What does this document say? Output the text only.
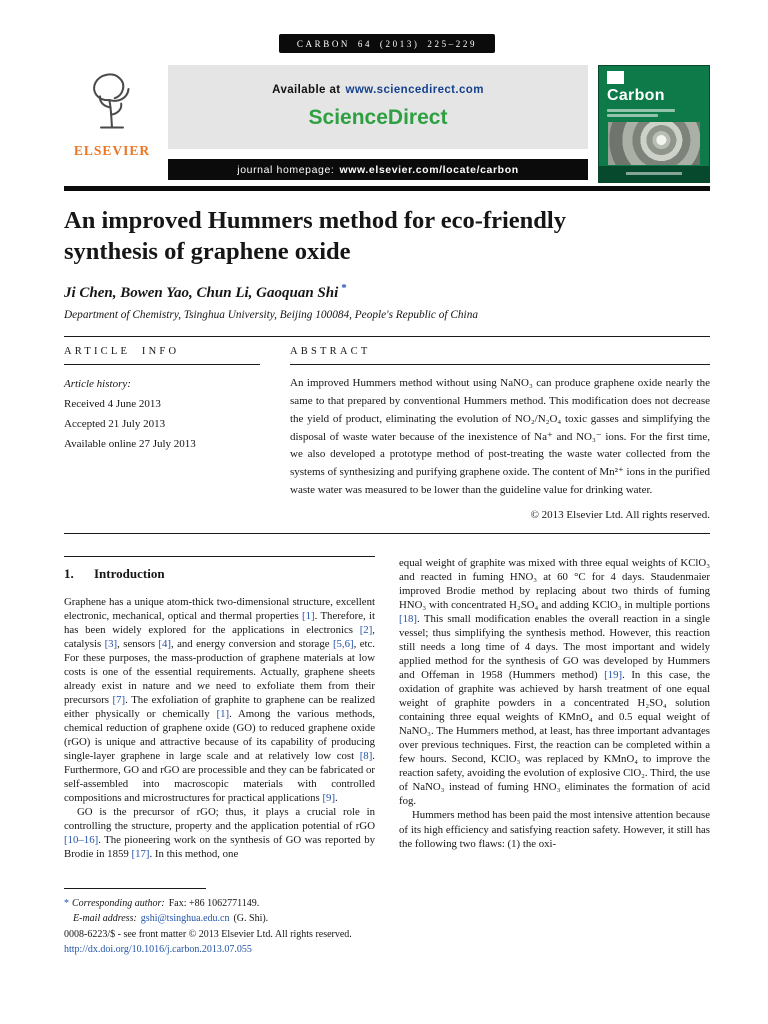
CARBON 64 (2013) 225–229
ELSEVIER
Available at www.sciencedirect.com
ScienceDirect
journal homepage: www.elsevier.com/locate/carbon
Carbon
An improved Hummers method for eco-friendly synthesis of graphene oxide
Ji Chen, Bowen Yao, Chun Li, Gaoquan Shi *
Department of Chemistry, Tsinghua University, Beijing 100084, People's Republic of China
ARTICLE INFO
Article history:
Received 4 June 2013
Accepted 21 July 2013
Available online 27 July 2013
ABSTRACT

An improved Hummers method without using NaNO₃ can produce graphene oxide nearly the same to that prepared by conventional Hummers method. This modification does not decrease the yield of product, eliminating the evolution of NO₂/N₂O₄ toxic gasses and simplifying the disposal of waste water because of the inexistence of Na⁺ and NO₃⁻ ions. For the first time, we also developed a prototype method of post-treating the waste water collected from the systems of synthesizing and purifying graphene oxide. The content of Mn²⁺ ions in the purified waste water was measured to be lower than the guideline value for drinking water.

© 2013 Elsevier Ltd. All rights reserved.
1.	Introduction

Graphene has a unique atom-thick two-dimensional structure, excellent electronic, mechanical, optical and thermal properties [1]. Therefore, it has been widely explored for the applications in electronics [2], catalysis [3], sensors [4], and energy conversion and storage [5,6], etc. For these purposes, the mass-production of graphene materials at low costs is one of the essential requirements. Actually, graphene sheets already exist in nature and we need to exfoliate them from their precursors [7]. The exfoliation of graphite to graphene can be realized either physically or chemically [1]. Among the various methods, chemical reduction of graphene oxide (GO) to reduced graphene oxide (rGO) is unique and attractive because of its capability of producing single-layer graphene in large scale and at relatively low cost [8]. Furthermore, GO and rGO are processible and they can be fabricated or self-assembled into macroscopic materials with controlled compositions and microstructures for practical applications [9].

GO is the precursor of rGO; thus, it plays a crucial role in controlling the structure, property and the application potential of rGO [10–16]. The pioneering work on the synthesis of GO was reported by Brodie in 1859 [17]. In this method, one

equal weight of graphite was mixed with three equal weights of KClO₃ and reacted in fuming HNO₃ at 60 °C for 4 days. Staudenmaier improved Brodie method by replacing about two thirds of fuming HNO₃ with concentrated H₂SO₄ and adding KClO₃ in multiple portions [18]. This small modification enables the overall reaction in a single vessel; thus simplifying the synthesis method. However, this reaction still needs a long time of 4 days. The most important and widely applied method for the synthesis of GO was developed by Hummers and Offeman in 1958 (Hummers method) [19]. In this case, the oxidation of graphite was achieved by harsh treatment of one equal weight of graphite powders in a concentrated H₂SO₄ solution containing three equal weights of KMnO₄ and 0.5 equal weight of NaNO₃. The Hummers method, at least, has three important advantages over previous techniques. First, the reaction can be completed within a few hours. Second, KClO₃ was replaced by KMnO₄ to improve the reaction safety, avoiding the evolution of explosive ClO₂. Third, the use of NaNO₃ instead of fuming HNO₃ eliminates the formation of acid fog.

Hummers method has been paid the most intensive attention because of its high efficiency and satisfying reaction safety. However, it still has the following two flaws: (1) the oxi-

* Corresponding author: Fax: +86 1062771149.
E-mail address: gshi@tsinghua.edu.cn (G. Shi).
0008-6223/$ - see front matter © 2013 Elsevier Ltd. All rights reserved.
http://dx.doi.org/10.1016/j.carbon.2013.07.055
